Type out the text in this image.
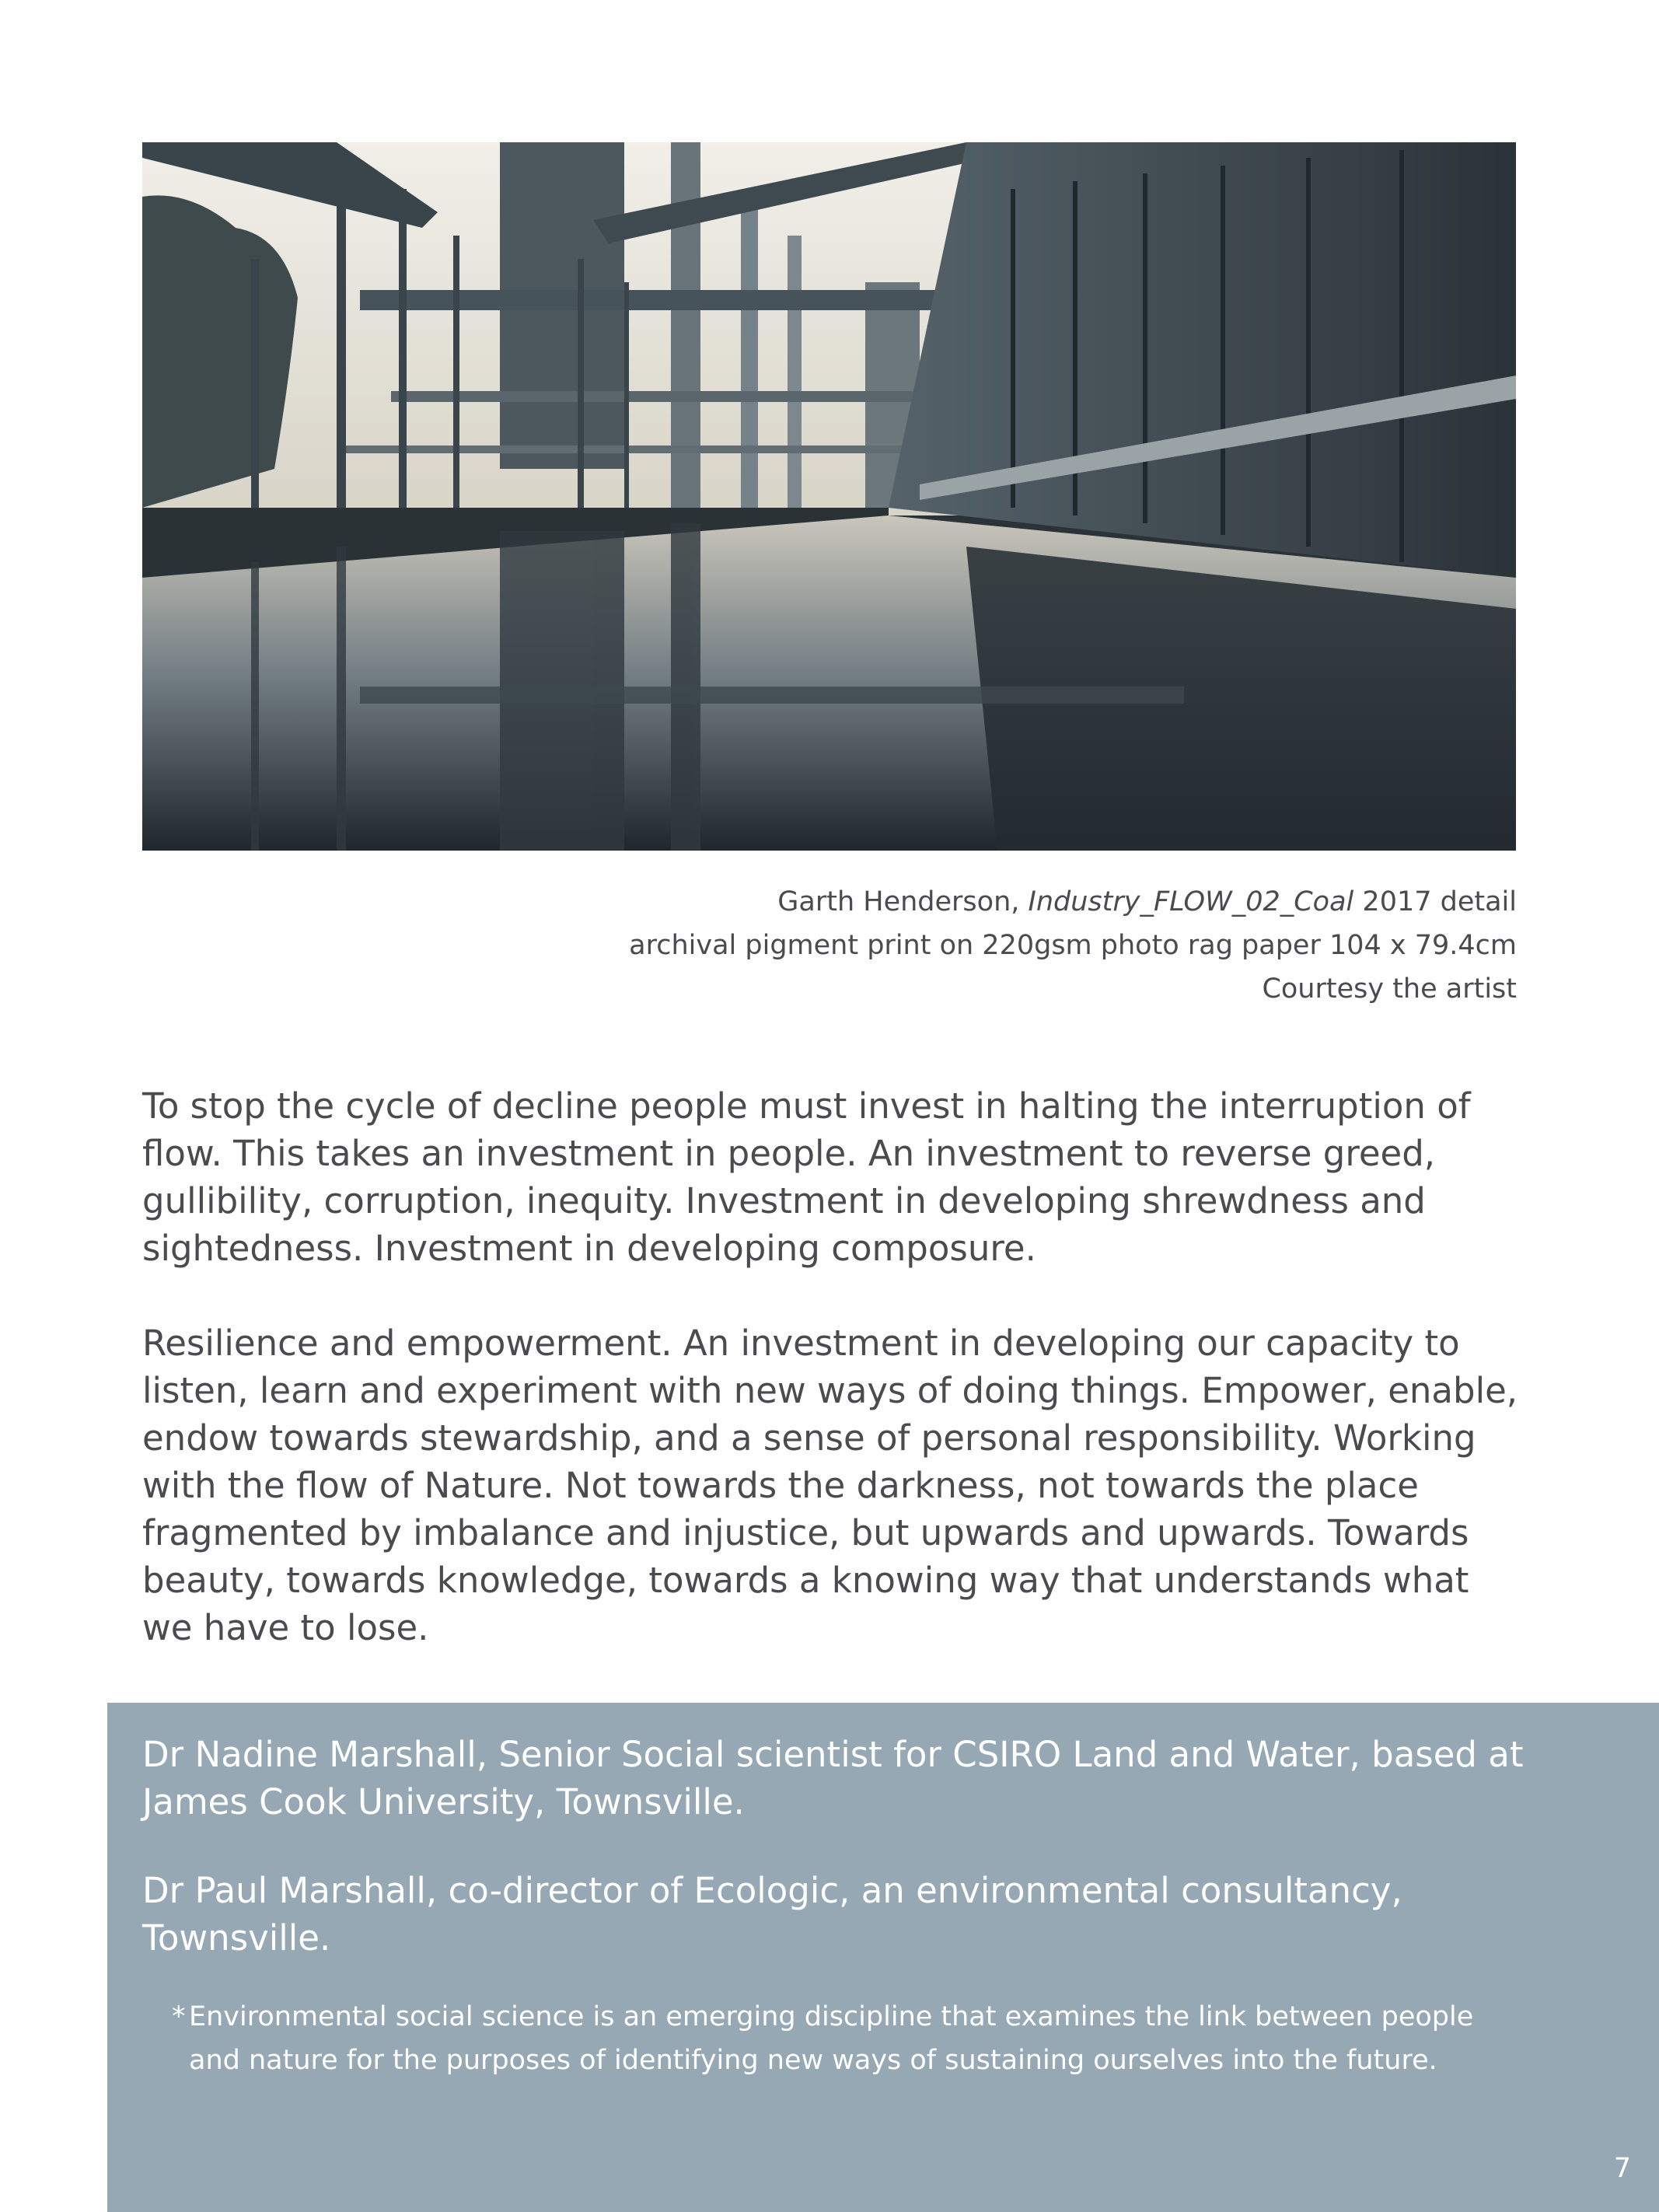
Garth Henderson, Industry_FLOW_02_Coal 2017 detail
archival pigment print on 220gsm photo rag paper 104 x 79.4cm
Courtesy the artist

To stop the cycle of decline people must invest in halting the interruption of flow. This takes an investment in people. An investment to reverse greed, gullibility, corruption, inequity. Investment in developing shrewdness and sightedness. Investment in developing composure.

Resilience and empowerment. An investment in developing our capacity to listen, learn and experiment with new ways of doing things. Empower, enable, endow towards stewardship, and a sense of personal responsibility. Working with the flow of Nature. Not towards the darkness, not towards the place fragmented by imbalance and injustice, but upwards and upwards. Towards beauty, towards knowledge, towards a knowing way that understands what we have to lose.

Dr Nadine Marshall, Senior Social scientist for CSIRO Land and Water, based at James Cook University, Townsville.

Dr Paul Marshall, co-director of Ecologic, an environmental consultancy, Townsville.

* Environmental social science is an emerging discipline that examines the link between people and nature for the purposes of identifying new ways of sustaining ourselves into the future.

7
